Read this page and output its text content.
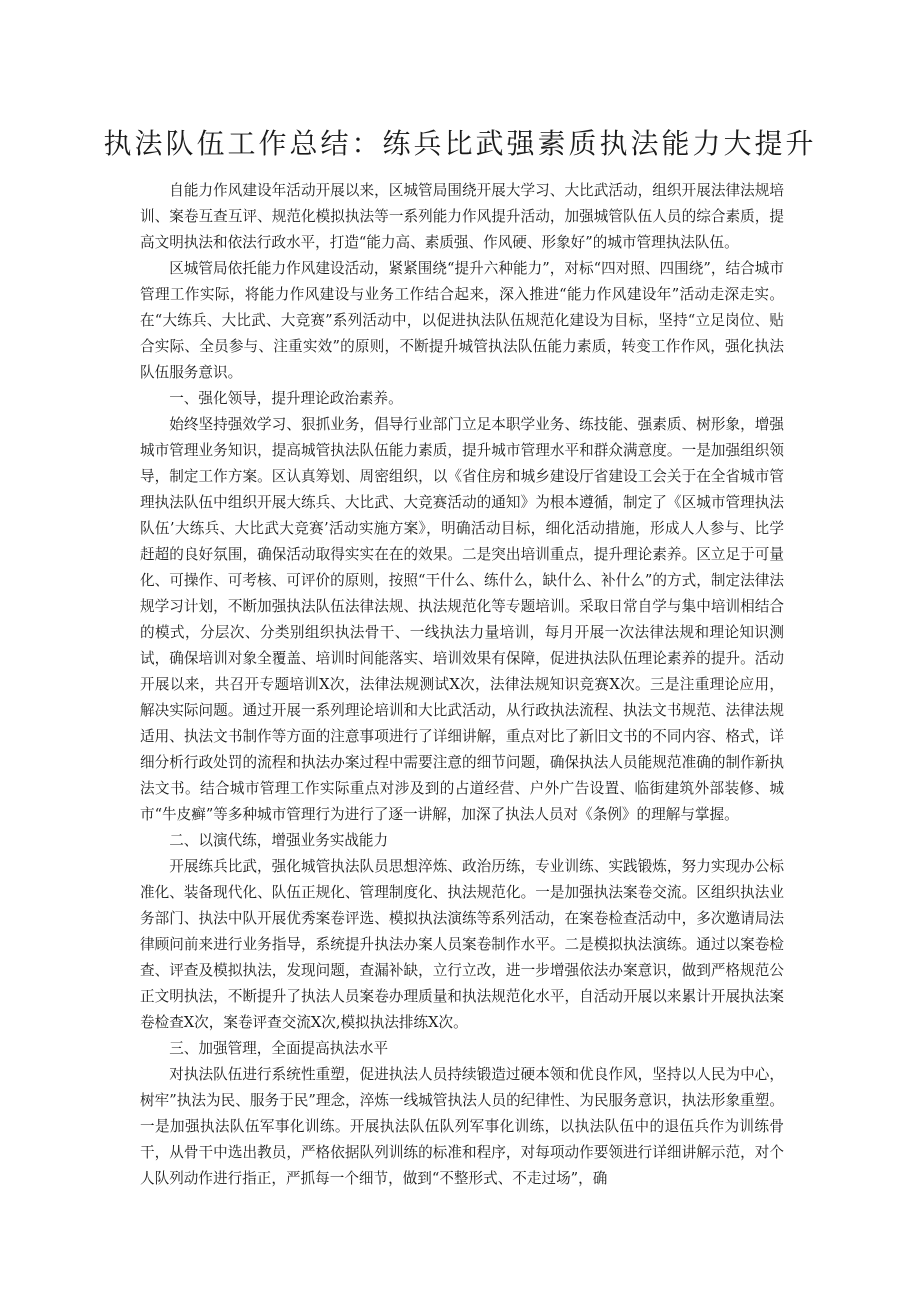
执法队伍工作总结：练兵比武强素质执法能力大提升

自能力作风建设年活动开展以来，区城管局围绕开展大学习、大比武活动，组织开展法律法规培训、案卷互查互评、规范化模拟执法等一系列能力作风提升活动，加强城管队伍人员的综合素质，提高文明执法和依法行政水平，打造“能力高、素质强、作风硬、形象好”的城市管理执法队伍。

区城管局依托能力作风建设活动，紧紧围绕“提升六种能力”，对标“四对照、四围绕”，结合城市管理工作实际，将能力作风建设与业务工作结合起来，深入推进“能力作风建设年”活动走深走实。在“大练兵、大比武、大竞赛”系列活动中，以促进执法队伍规范化建设为目标，坚持“立足岗位、贴合实际、全员参与、注重实效”的原则，不断提升城管执法队伍能力素质，转变工作作风，强化执法队伍服务意识。

一、强化领导，提升理论政治素养。

始终坚持强效学习、狠抓业务，倡导行业部门立足本职学业务、练技能、强素质、树形象，增强城市管理业务知识，提高城管执法队伍能力素质，提升城市管理水平和群众满意度。一是加强组织领导，制定工作方案。区认真筹划、周密组织，以《省住房和城乡建设厅省建设工会关于在全省城市管理执法队伍中组织开展大练兵、大比武、大竞赛活动的通知》为根本遵循，制定了《区城市管理执法队伍’大练兵、大比武大竞赛’活动实施方案》，明确活动目标，细化活动措施，形成人人参与、比学赶超的良好氛围，确保活动取得实实在在的效果。二是突出培训重点，提升理论素养。区立足于可量化、可操作、可考核、可评价的原则，按照“干什么、练什么，缺什么、补什么”的方式，制定法律法规学习计划，不断加强执法队伍法律法规、执法规范化等专题培训。采取日常自学与集中培训相结合的模式，分层次、分类别组织执法骨干、一线执法力量培训，每月开展一次法律法规和理论知识测试，确保培训对象全覆盖、培训时间能落实、培训效果有保障，促进执法队伍理论素养的提升。活动开展以来，共召开专题培训X次，法律法规测试X次，法律法规知识竞赛X次。三是注重理论应用，解决实际问题。通过开展一系列理论培训和大比武活动，从行政执法流程、执法文书规范、法律法规适用、执法文书制作等方面的注意事项进行了详细讲解，重点对比了新旧文书的不同内容、格式，详细分析行政处罚的流程和执法办案过程中需要注意的细节问题，确保执法人员能规范准确的制作新执法文书。结合城市管理工作实际重点对涉及到的占道经营、户外广告设置、临街建筑外部装修、城市“牛皮癣”等多种城市管理行为进行了逐一讲解，加深了执法人员对《条例》的理解与掌握。

二、以演代练，增强业务实战能力

开展练兵比武，强化城管执法队员思想淬炼、政治历练，专业训练、实践锻炼，努力实现办公标准化、装备现代化、队伍正规化、管理制度化、执法规范化。一是加强执法案卷交流。区组织执法业务部门、执法中队开展优秀案卷评选、模拟执法演练等系列活动，在案卷检查活动中，多次邀请局法律顾问前来进行业务指导，系统提升执法办案人员案卷制作水平。二是模拟执法演练。通过以案卷检查、评查及模拟执法，发现问题，查漏补缺，立行立改，进一步增强依法办案意识，做到严格规范公正文明执法，不断提升了执法人员案卷办理质量和执法规范化水平，自活动开展以来累计开展执法案卷检查X次，案卷评查交流X次,模拟执法排练X次。

三、加强管理，全面提高执法水平

对执法队伍进行系统性重塑，促进执法人员持续锻造过硬本领和优良作风，坚持以人民为中心，树牢”执法为民、服务于民”理念，淬炼一线城管执法人员的纪律性、为民服务意识，执法形象重塑。一是加强执法队伍军事化训练。开展执法队伍队列军事化训练，以执法队伍中的退伍兵作为训练骨干，从骨干中选出教员，严格依据队列训练的标准和程序，对每项动作要领进行详细讲解示范，对个人队列动作进行指正，严抓每一个细节，做到“不整形式、不走过场”，确
